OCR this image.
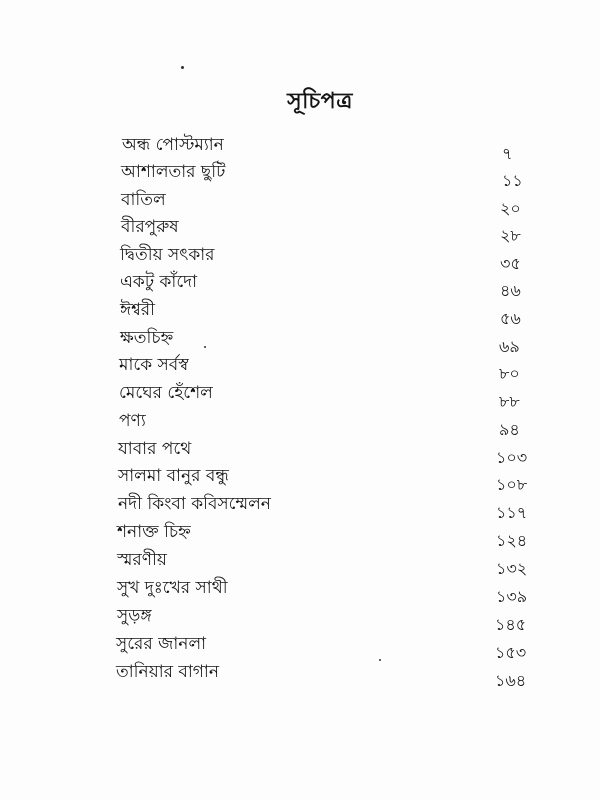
সূচিপত্র
অন্ধ পোস্টম্যান	৭
আশালতার ছুটি	১১
বাতিল	২০
বীরপুরুষ	২৮
দ্বিতীয় সৎকার	৩৫
একটু কাঁদো	৪৬
ঈশ্বরী	৫৬
ক্ষতচিহ্ন	৬৯
মাকে সর্বস্ব	৮০
মেঘের হেঁশেল	৮৮
পণ্য	৯৪
যাবার পথে	১০৩
সালমা বানুর বন্ধু	১০৮
নদী কিংবা কবিসম্মেলন	১১৭
শনাক্ত চিহ্ন	১২৪
স্মরণীয়	১৩২
সুখ দুঃখের সাথী	১৩৯
সুড়ঙ্গ	১৪৫
সুরের জানলা	১৫৩
তানিয়ার বাগান	১৬৪
